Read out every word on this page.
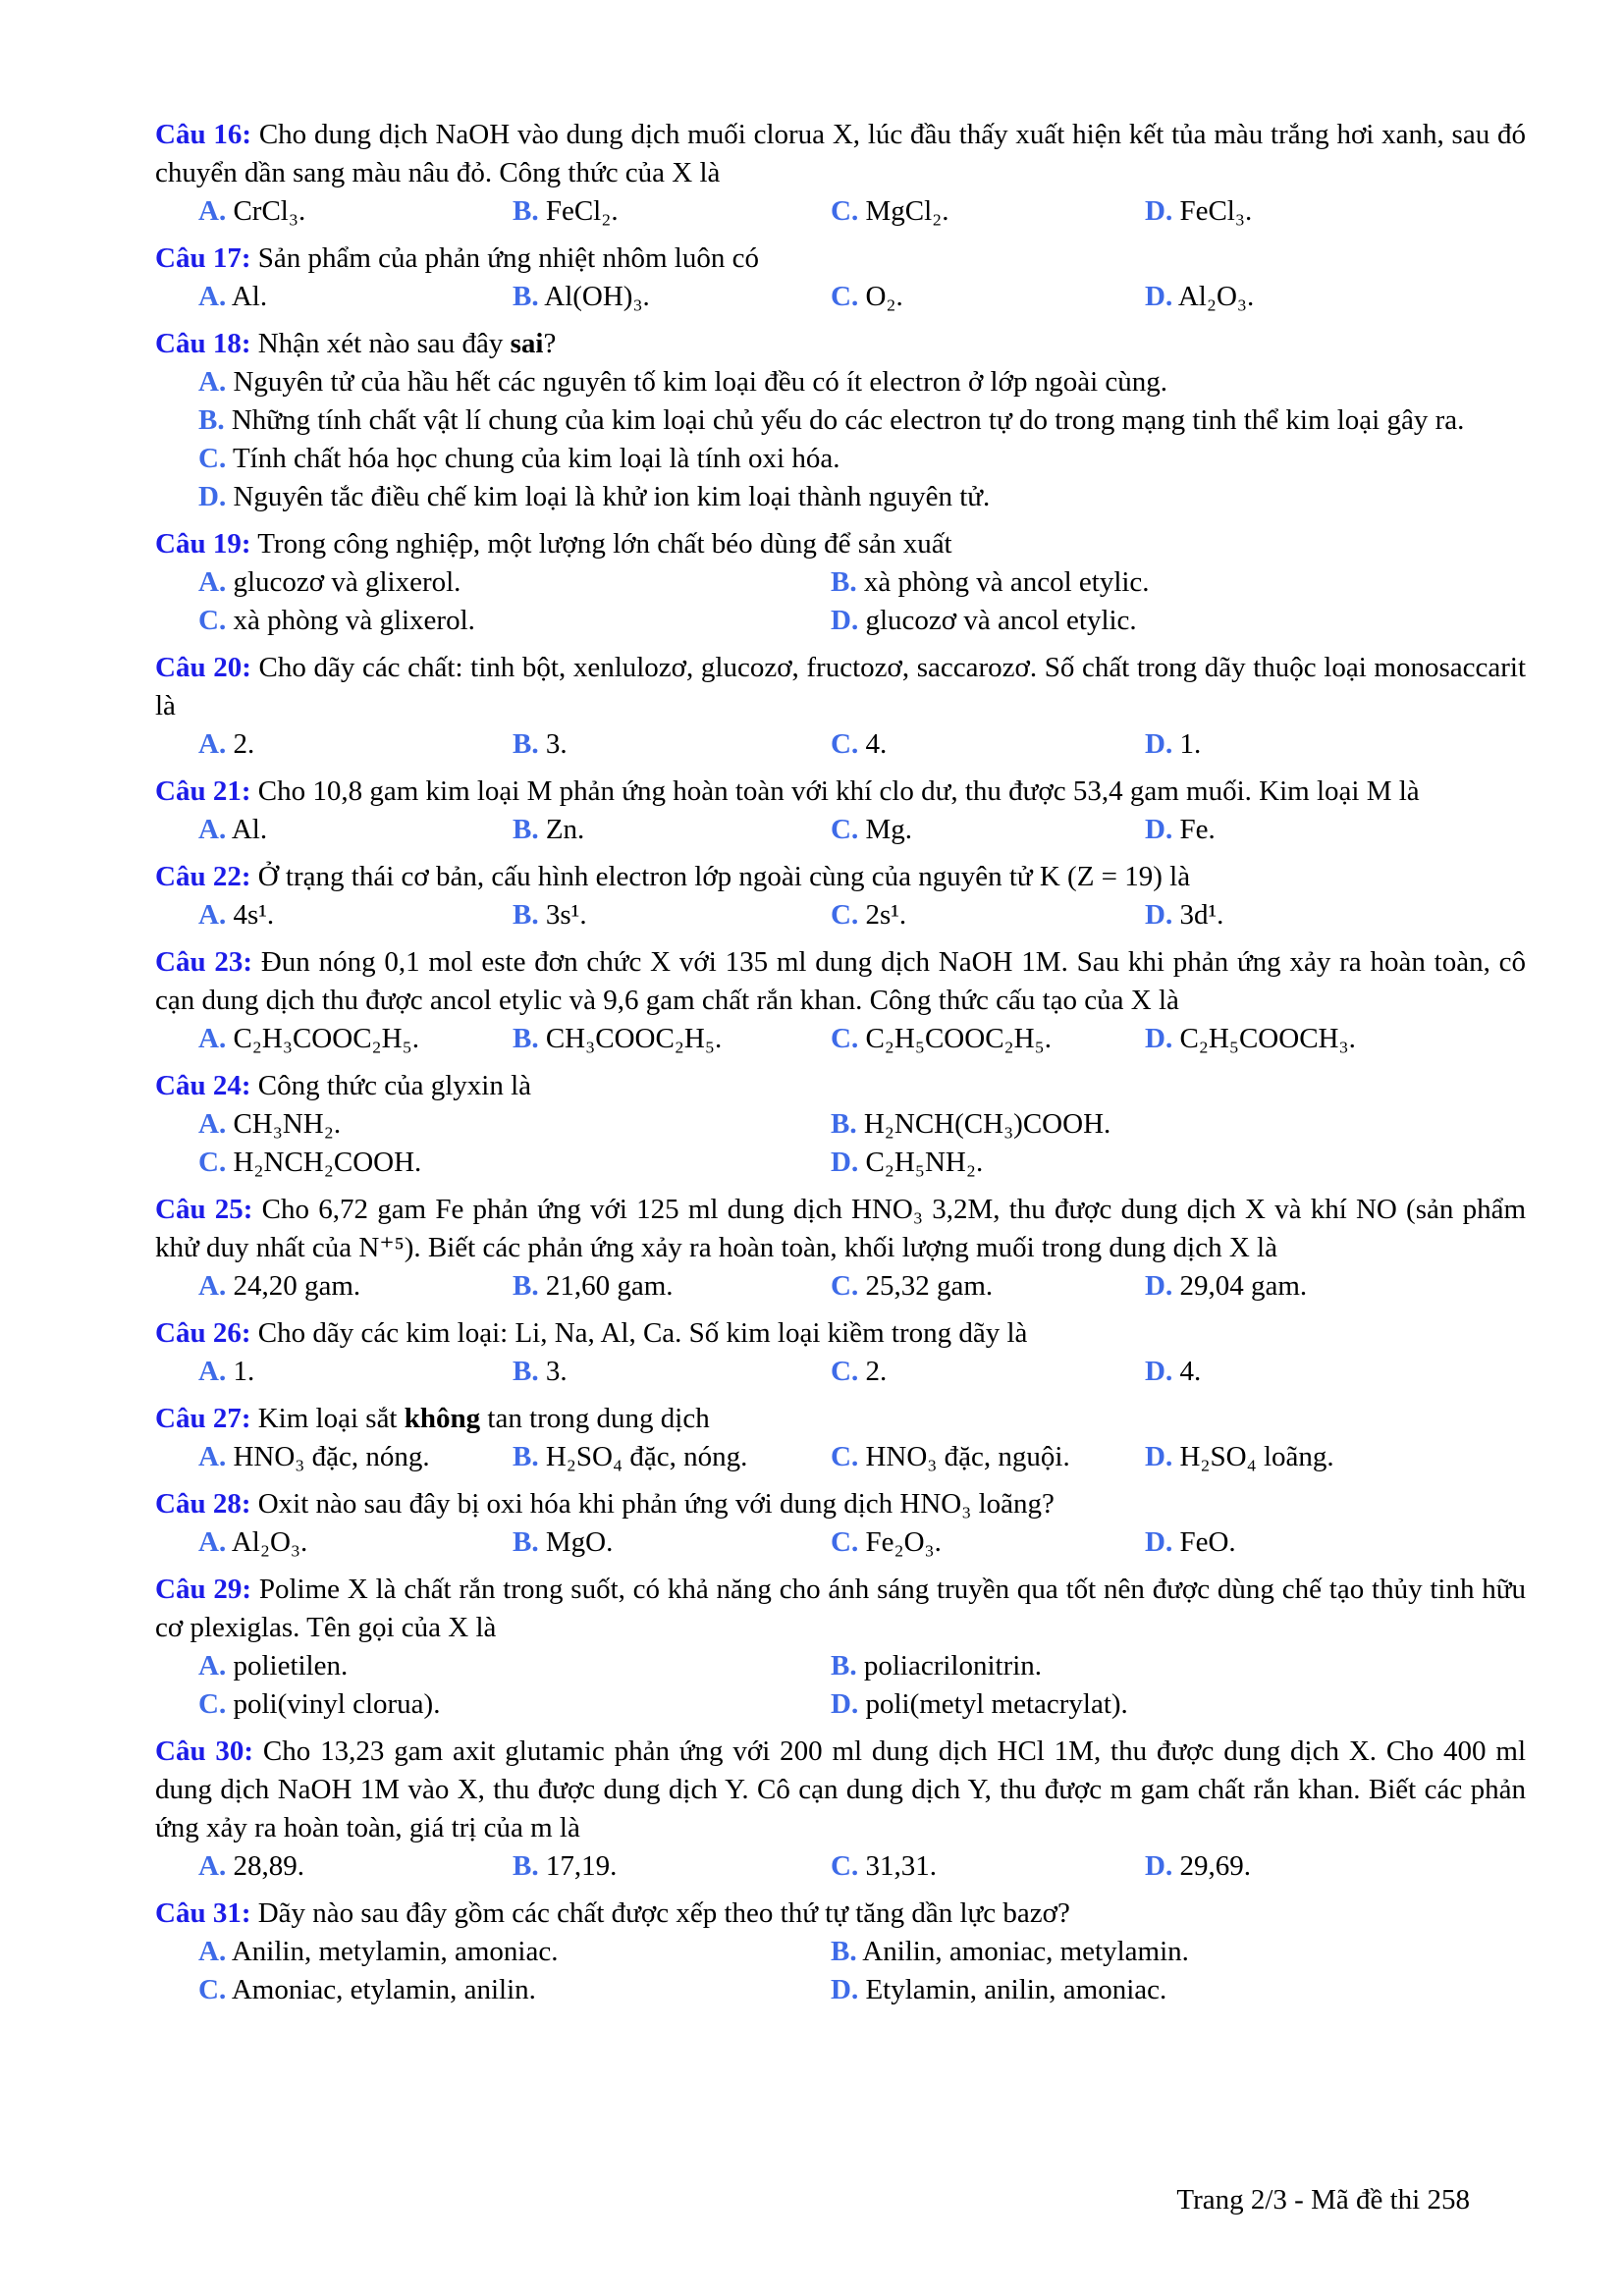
Câu 16: Cho dung dịch NaOH vào dung dịch muối clorua X, lúc đầu thấy xuất hiện kết tủa màu trắng hơi xanh, sau đó chuyển dần sang màu nâu đỏ. Công thức của X là

A. CrCl₃.	B. FeCl₂.	C. MgCl₂.	D. FeCl₃.

Câu 17: Sản phẩm của phản ứng nhiệt nhôm luôn có

A. Al.	B. Al(OH)₃.	C. O₂.	D. Al₂O₃.

Câu 18: Nhận xét nào sau đây sai?

A. Nguyên tử của hầu hết các nguyên tố kim loại đều có ít electron ở lớp ngoài cùng.
B. Những tính chất vật lí chung của kim loại chủ yếu do các electron tự do trong mạng tinh thể kim loại gây ra.
C. Tính chất hóa học chung của kim loại là tính oxi hóa.
D. Nguyên tắc điều chế kim loại là khử ion kim loại thành nguyên tử.

Câu 19: Trong công nghiệp, một lượng lớn chất béo dùng để sản xuất

A. glucozơ và glixerol.	B. xà phòng và ancol etylic.
C. xà phòng và glixerol.	D. glucozơ và ancol etylic.

Câu 20: Cho dãy các chất: tinh bột, xenlulozơ, glucozơ, fructozơ, saccarozơ. Số chất trong dãy thuộc loại monosaccarit là

A. 2.	B. 3.	C. 4.	D. 1.

Câu 21: Cho 10,8 gam kim loại M phản ứng hoàn toàn với khí clo dư, thu được 53,4 gam muối. Kim loại M là

A. Al.	B. Zn.	C. Mg.	D. Fe.

Câu 22: Ở trạng thái cơ bản, cấu hình electron lớp ngoài cùng của nguyên tử K (Z = 19) là

A. 4s¹.	B. 3s¹.	C. 2s¹.	D. 3d¹.

Câu 23: Đun nóng 0,1 mol este đơn chức X với 135 ml dung dịch NaOH 1M. Sau khi phản ứng xảy ra hoàn toàn, cô cạn dung dịch thu được ancol etylic và 9,6 gam chất rắn khan. Công thức cấu tạo của X là

A. C₂H₃COOC₂H₅.	B. CH₃COOC₂H₅.	C. C₂H₅COOC₂H₅.	D. C₂H₅COOCH₃.

Câu 24: Công thức của glyxin là

A. CH₃NH₂.	B. H₂NCH(CH₃)COOH.
C. H₂NCH₂COOH.	D. C₂H₅NH₂.

Câu 25: Cho 6,72 gam Fe phản ứng với 125 ml dung dịch HNO₃ 3,2M, thu được dung dịch X và khí NO (sản phẩm khử duy nhất của N⁺⁵). Biết các phản ứng xảy ra hoàn toàn, khối lượng muối trong dung dịch X là

A. 24,20 gam.	B. 21,60 gam.	C. 25,32 gam.	D. 29,04 gam.

Câu 26: Cho dãy các kim loại: Li, Na, Al, Ca. Số kim loại kiềm trong dãy là

A. 1.	B. 3.	C. 2.	D. 4.

Câu 27: Kim loại sắt không tan trong dung dịch

A. HNO₃ đặc, nóng.	B. H₂SO₄ đặc, nóng.	C. HNO₃ đặc, nguội.	D. H₂SO₄ loãng.

Câu 28: Oxit nào sau đây bị oxi hóa khi phản ứng với dung dịch HNO₃ loãng?

A. Al₂O₃.	B. MgO.	C. Fe₂O₃.	D. FeO.

Câu 29: Polime X là chất rắn trong suốt, có khả năng cho ánh sáng truyền qua tốt nên được dùng chế tạo thủy tinh hữu cơ plexiglas. Tên gọi của X là

A. polietilen.	B. poliacrilonitrin.
C. poli(vinyl clorua).	D. poli(metyl metacrylat).

Câu 30: Cho 13,23 gam axit glutamic phản ứng với 200 ml dung dịch HCl 1M, thu được dung dịch X. Cho 400 ml dung dịch NaOH 1M vào X, thu được dung dịch Y. Cô cạn dung dịch Y, thu được m gam chất rắn khan. Biết các phản ứng xảy ra hoàn toàn, giá trị của m là

A. 28,89.	B. 17,19.	C. 31,31.	D. 29,69.

Câu 31: Dãy nào sau đây gồm các chất được xếp theo thứ tự tăng dần lực bazơ?

A. Anilin, metylamin, amoniac.	B. Anilin, amoniac, metylamin.
C. Amoniac, etylamin, anilin.	D. Etylamin, anilin, amoniac.
Trang 2/3 - Mã đề thi 258
